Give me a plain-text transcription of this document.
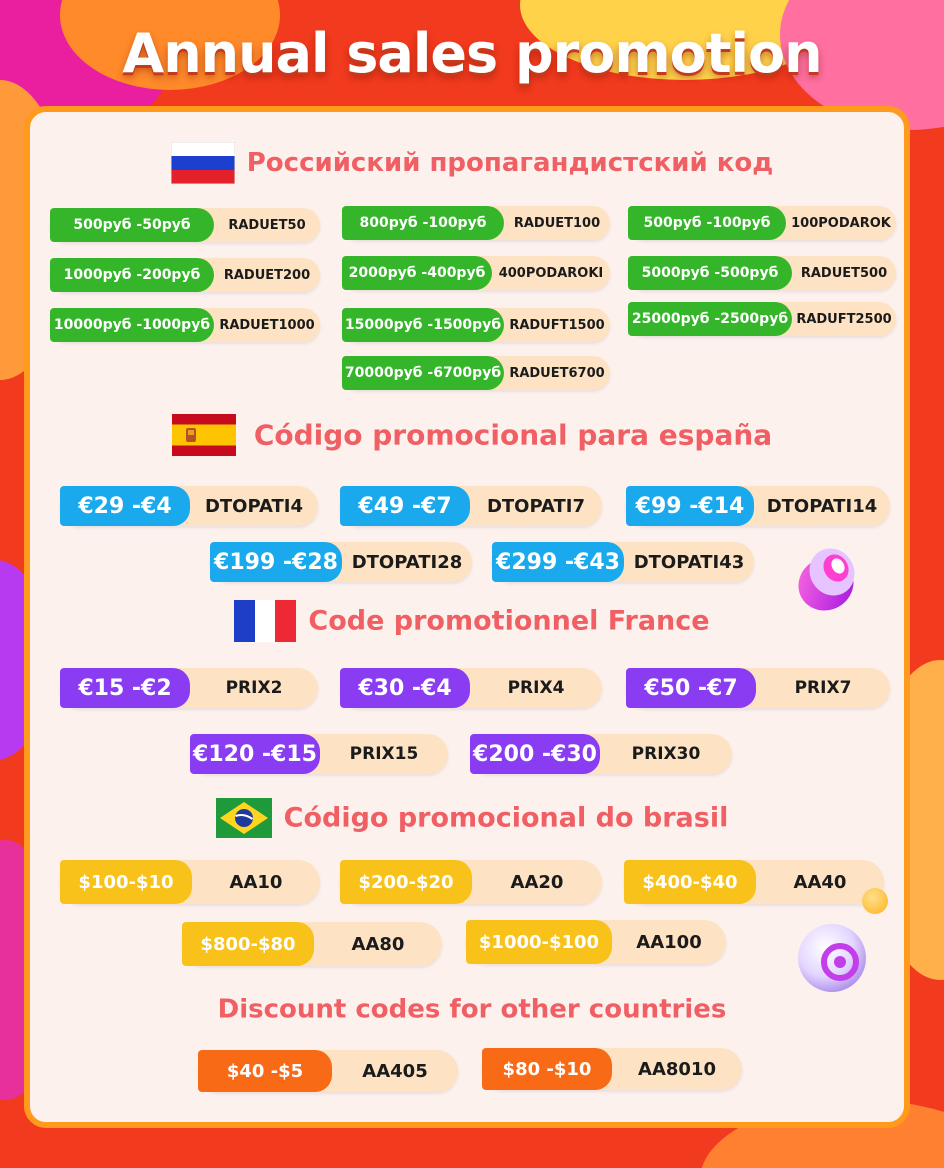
Annual sales promotion
Российский пропагандистский код
500руб -50руб	RADUET50	800руб -100руб	RADUET100	500руб -100руб	100PODAROK
1000руб -200руб	RADUET200	2000руб -400руб	400PODAROKI	5000руб -500руб	RADUET500
10000руб -1000руб RADUET1000	15000руб -1500руб RADUFT1500	25000руб -2500руб RADUFT2500
70000руб -6700руб RADUET6700
Código promocional para españa
€29 -€4	DTOPATI4	€49 -€7	DTOPATI7	€99 -€14	DTOPATI14
€199 -€28 DTOPATI28	€299 -€43 DTOPATI43
Code promotionnel France
€15 -€2	PRIX2	€30 -€4	PRIX4	€50 -€7	PRIX7
€120 -€15	PRIX15	€200 -€30	PRIX30
Código promocional do brasil
$100-$10	AA10	$200-$20	AA20	$400-$40	AA40
$800-$80	AA80	$1000-$100	AA100
Discount codes for other countries
$40 -$5	AA405	$80 -$10	AA8010
